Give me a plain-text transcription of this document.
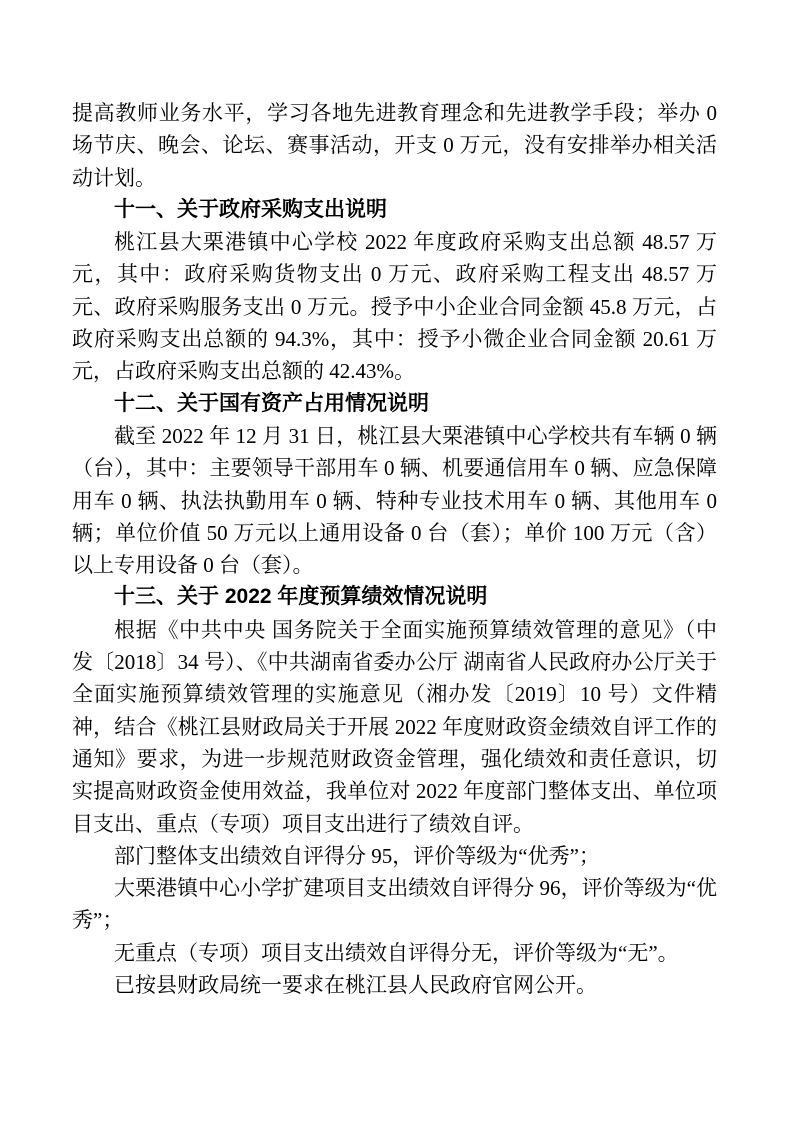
提高教师业务水平，学习各地先进教育理念和先进教学手段；举办 0 场节庆、晚会、论坛、赛事活动，开支 0 万元，没有安排举办相关活动计划。

十一、关于政府采购支出说明

桃江县大栗港镇中心学校 2022 年度政府采购支出总额 48.57 万元，其中：政府采购货物支出 0 万元、政府采购工程支出 48.57 万元、政府采购服务支出 0 万元。授予中小企业合同金额 45.8 万元，占政府采购支出总额的 94.3%，其中：授予小微企业合同金额 20.61 万元，占政府采购支出总额的 42.43%。

十二、关于国有资产占用情况说明

截至 2022 年 12 月 31 日，桃江县大栗港镇中心学校共有车辆 0 辆（台），其中：主要领导干部用车 0 辆、机要通信用车 0 辆、应急保障用车 0 辆、执法执勤用车 0 辆、特种专业技术用车 0 辆、其他用车 0 辆；单位价值 50 万元以上通用设备 0 台（套）；单价 100 万元（含）以上专用设备 0 台（套）。

十三、关于 2022 年度预算绩效情况说明

根据《中共中央 国务院关于全面实施预算绩效管理的意见》（中发〔2018〕34 号）、《中共湖南省委办公厅 湖南省人民政府办公厅关于全面实施预算绩效管理的实施意见（湘办发〔2019〕10 号）文件精神，结合《桃江县财政局关于开展 2022 年度财政资金绩效自评工作的通知》要求，为进一步规范财政资金管理，强化绩效和责任意识，切实提高财政资金使用效益，我单位对 2022 年度部门整体支出、单位项目支出、重点（专项）项目支出进行了绩效自评。

部门整体支出绩效自评得分 95，评价等级为“优秀”；

大栗港镇中心小学扩建项目支出绩效自评得分 96，评价等级为“优秀”；

无重点（专项）项目支出绩效自评得分无，评价等级为“无”。

已按县财政局统一要求在桃江县人民政府官网公开。
